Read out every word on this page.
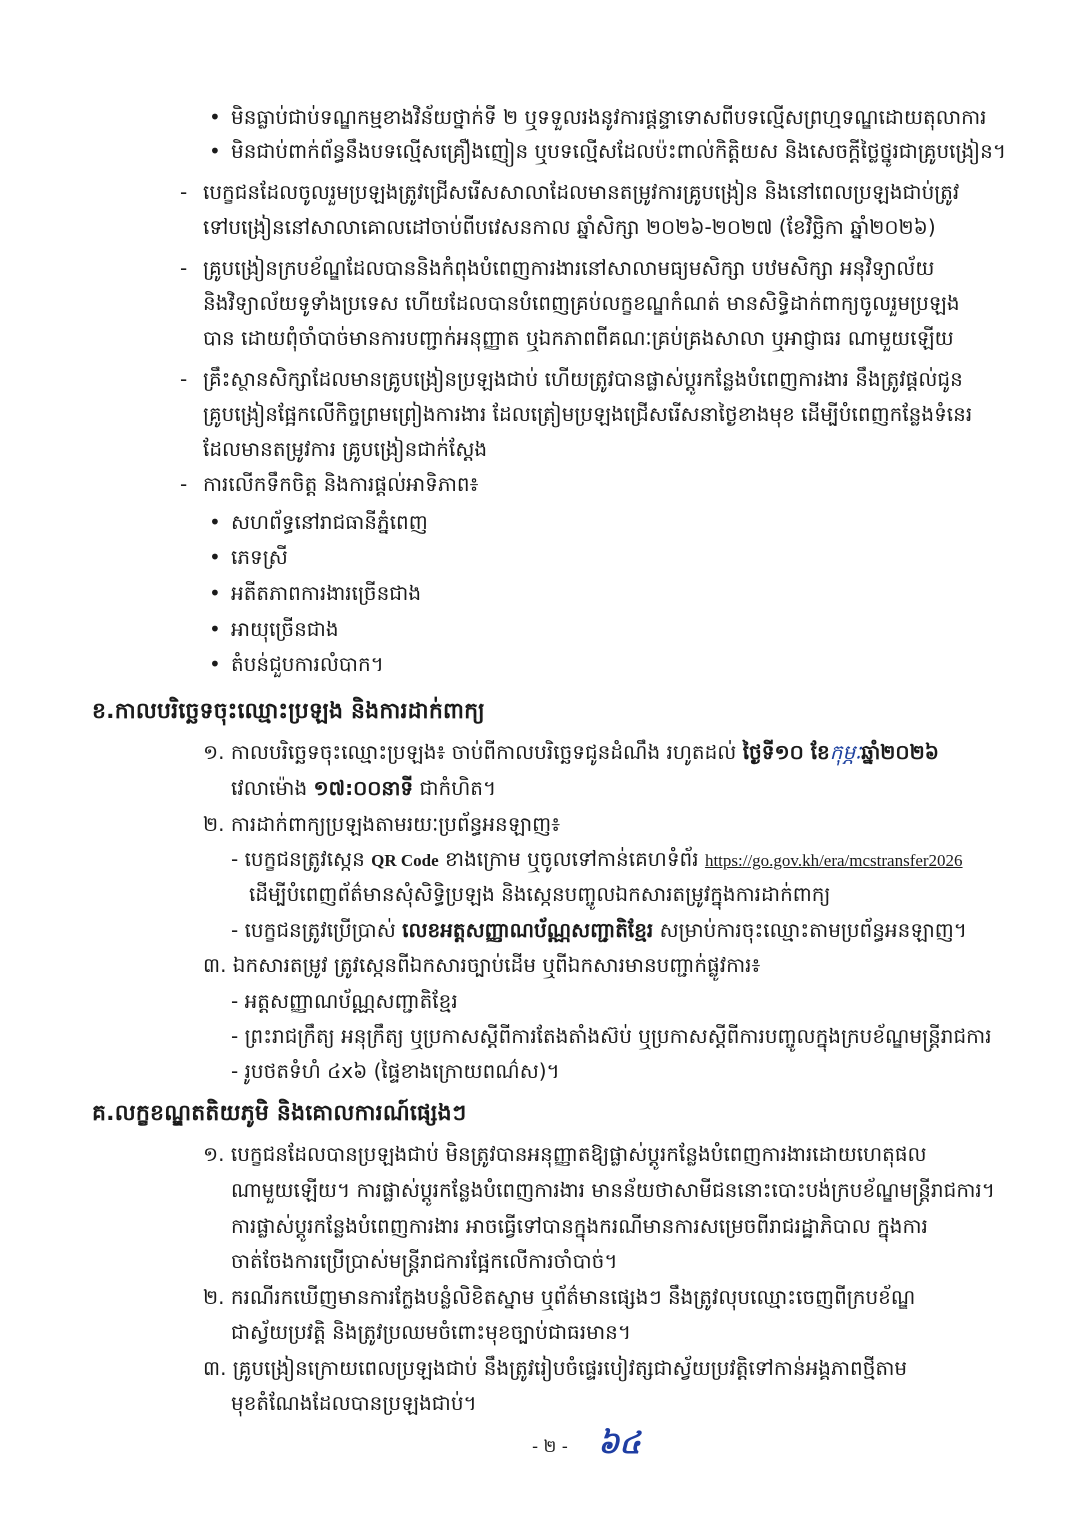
• មិនធ្លាប់ជាប់ទណ្ឌកម្មខាងវិន័យថ្នាក់ទី ២ ឬទទួលរងនូវការផ្តន្ទាទោសពីបទល្មើសព្រហ្មទណ្ឌដោយតុលាការ
• មិនជាប់ពាក់ព័ន្ធនឹងបទល្មើសគ្រឿងញៀន ឬបទល្មើសដែលប៉ះពាល់កិត្តិយស និងសេចក្តីថ្លៃថ្នូរជាគ្រូបង្រៀន។
- បេក្ខជនដែលចូលរួមប្រឡងត្រូវជ្រើសរើសសាលាដែលមានតម្រូវការគ្រូបង្រៀន និងនៅពេលប្រឡងជាប់ត្រូវ
ទៅបង្រៀននៅសាលាគោលដៅចាប់ពីបវេសនកាល ឆ្នាំសិក្សា ២០២៦-២០២៧ (ខែវិច្ឆិកា ឆ្នាំ២០២៦)
- គ្រូបង្រៀនក្របខ័ណ្ឌដែលបាននិងកំពុងបំពេញការងារនៅសាលាមធ្យមសិក្សា បឋមសិក្សា អនុវិទ្យាល័យ
និងវិទ្យាល័យទូទាំងប្រទេស ហើយដែលបានបំពេញគ្រប់លក្ខខណ្ឌកំណត់ មានសិទ្ធិដាក់ពាក្យចូលរួមប្រឡង
បាន ដោយពុំចាំបាច់មានការបញ្ជាក់អនុញ្ញាត ឬឯកភាពពីគណៈគ្រប់គ្រងសាលា ឬអាជ្ញាធរ ណាមួយឡើយ
- គ្រឹះស្ថានសិក្សាដែលមានគ្រូបង្រៀនប្រឡងជាប់ ហើយត្រូវបានផ្លាស់ប្តូរកន្លែងបំពេញការងារ នឹងត្រូវផ្តល់ជូន
គ្រូបង្រៀនផ្អែកលើកិច្ចព្រមព្រៀងការងារ ដែលត្រៀមប្រឡងជ្រើសរើសនាថ្ងៃខាងមុខ ដើម្បីបំពេញកន្លែងទំនេរ
ដែលមានតម្រូវការ គ្រូបង្រៀនជាក់ស្តែង
- ការលើកទឹកចិត្ត និងការផ្តល់អាទិភាព៖
• សហព័ទ្ធនៅរាជធានីភ្នំពេញ
• ភេទស្រី
• អតីតភាពការងារច្រើនជាង
• អាយុច្រើនជាង
• តំបន់ជួបការលំបាក។
ខ.កាលបរិច្ឆេទចុះឈ្មោះប្រឡង និងការដាក់ពាក្យ
១. កាលបរិច្ឆេទចុះឈ្មោះប្រឡង៖ ចាប់ពីកាលបរិច្ឆេទជូនដំណឹង រហូតដល់ ថ្ងៃទី១០ ខែកុម្ភៈឆ្នាំ២០២៦
វេលាម៉ោង ១៧:០០នាទី ជាកំហិត។
២. ការដាក់ពាក្យប្រឡងតាមរយៈប្រព័ន្ធអនឡាញ៖
- បេក្ខជនត្រូវស្កេន QR Code ខាងក្រោម ឬចូលទៅកាន់គេហទំព័រ https://go.gov.kh/era/mcstransfer2026
ដើម្បីបំពេញព័ត៌មានសុំសិទ្ធិប្រឡង និងស្កេនបញ្ចូលឯកសារតម្រូវក្នុងការដាក់ពាក្យ
- បេក្ខជនត្រូវប្រើប្រាស់ លេខអត្តសញ្ញាណប័ណ្ណសញ្ជាតិខ្មែរ សម្រាប់ការចុះឈ្មោះតាមប្រព័ន្ធអនឡាញ។
៣. ឯកសារតម្រូវ ត្រូវស្កេនពីឯកសារច្បាប់ដើម ឬពីឯកសារមានបញ្ជាក់ផ្លូវការ៖
- អត្តសញ្ញាណប័ណ្ណសញ្ជាតិខ្មែរ
- ព្រះរាជក្រឹត្យ អនុក្រឹត្យ ឬប្រកាសស្តីពីការតែងតាំងស៊ប់ ឬប្រកាសស្តីពីការបញ្ចូលក្នុងក្របខ័ណ្ឌមន្ត្រីរាជការ
- រូបថតទំហំ ៤x៦ (ផ្ទៃខាងក្រោយពណ៌ស)។
គ.លក្ខខណ្ឌតតិយភូមិ និងគោលការណ៍ផ្សេងៗ
១. បេក្ខជនដែលបានប្រឡងជាប់ មិនត្រូវបានអនុញ្ញាតឱ្យផ្លាស់ប្តូរកន្លែងបំពេញការងារដោយហេតុផល
ណាមួយឡើយ។ ការផ្លាស់ប្តូរកន្លែងបំពេញការងារ មានន័យថាសាមីជននោះបោះបង់ក្របខ័ណ្ឌមន្ត្រីរាជការ។
ការផ្លាស់ប្តូរកន្លែងបំពេញការងារ អាចធ្វើទៅបានក្នុងករណីមានការសម្រេចពីរាជរដ្ឋាភិបាល ក្នុងការ
ចាត់ចែងការប្រើប្រាស់មន្ត្រីរាជការផ្អែកលើការចាំបាច់។
២. ករណីរកឃើញមានការក្លែងបន្លំលិខិតស្នាម ឬព័ត៌មានផ្សេងៗ នឹងត្រូវលុបឈ្មោះចេញពីក្របខ័ណ្ឌ
ជាស្វ័យប្រវត្តិ និងត្រូវប្រឈមចំពោះមុខច្បាប់ជាធរមាន។
៣. គ្រូបង្រៀនក្រោយពេលប្រឡងជាប់ នឹងត្រូវរៀបចំផ្ទេរបៀវត្សជាស្វ័យប្រវត្តិទៅកាន់អង្គភាពថ្មីតាម
មុខតំណែងដែលបានប្រឡងជាប់។
- ២ - ៦៤
